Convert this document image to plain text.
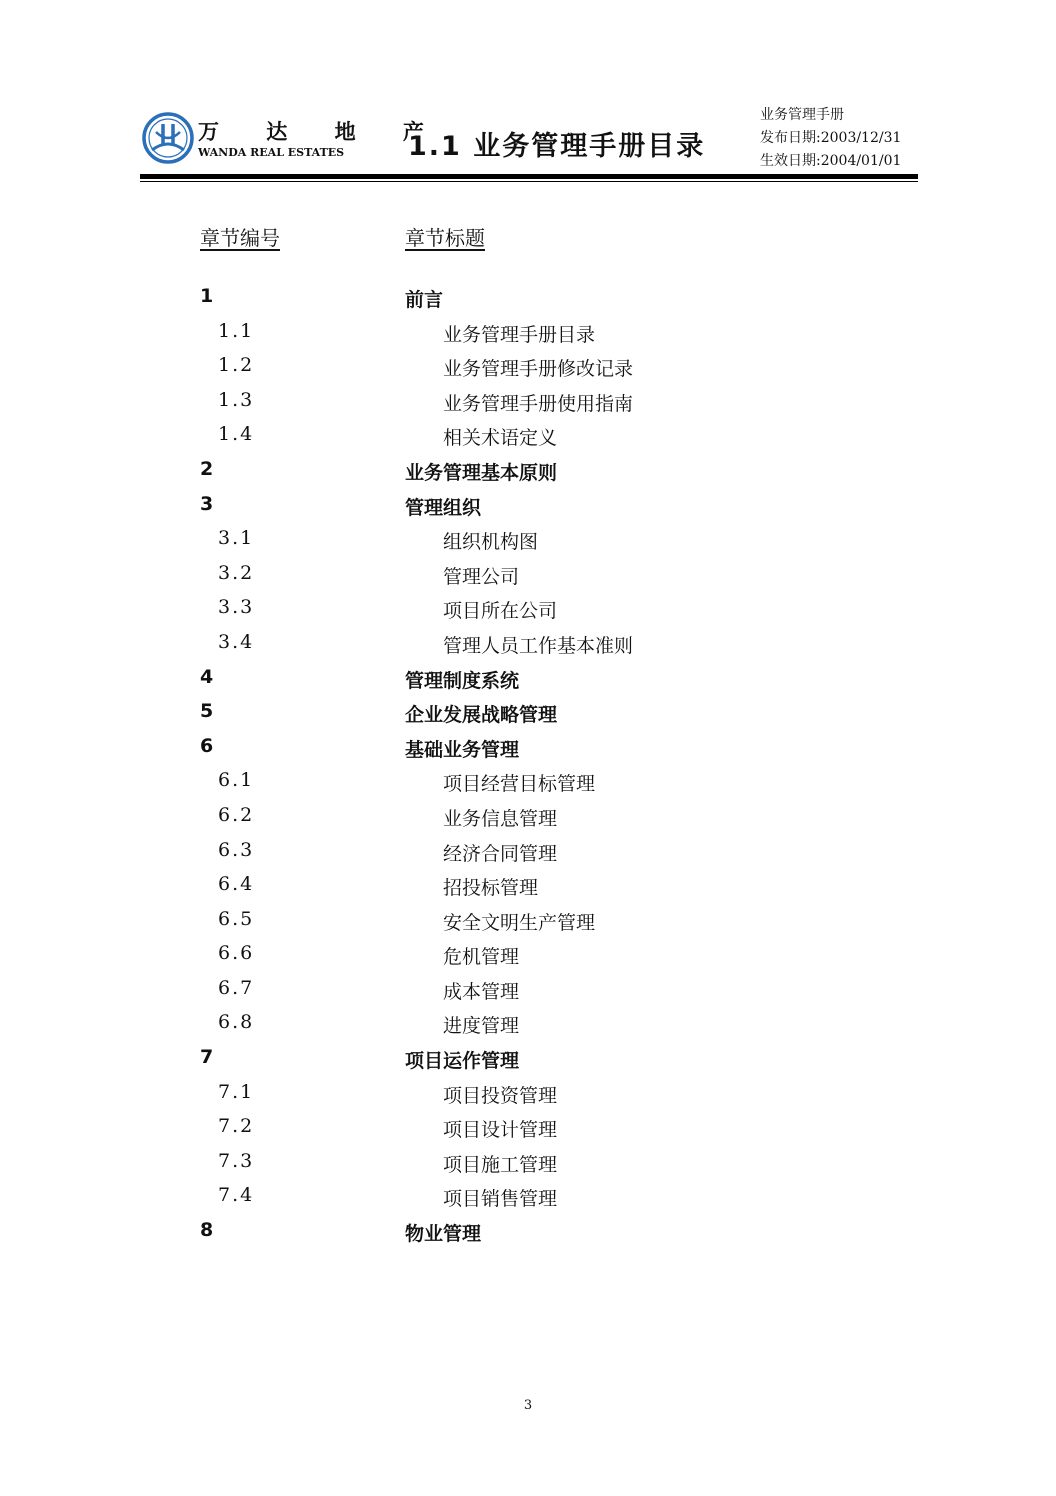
万 达 地 产
WANDA REAL ESTATES 1.1 业务管理手册目录
业务管理手册
发布日期:2003/12/31
生效日期:2004/01/01
章节编号	章节标题
1	前言
1.1	业务管理手册目录
1.2	业务管理手册修改记录
1.3	业务管理手册使用指南
1.4	相关术语定义
2	业务管理基本原则
3	管理组织
3.1	组织机构图
3.2	管理公司
3.3	项目所在公司
3.4	管理人员工作基本准则
4	管理制度系统
5	企业发展战略管理
6	基础业务管理
6.1	项目经营目标管理
6.2	业务信息管理
6.3	经济合同管理
6.4	招投标管理
6.5	安全文明生产管理
6.6	危机管理
6.7	成本管理
6.8	进度管理
7	项目运作管理
7.1	项目投资管理
7.2	项目设计管理
7.3	项目施工管理
7.4	项目销售管理
8	物业管理
3
